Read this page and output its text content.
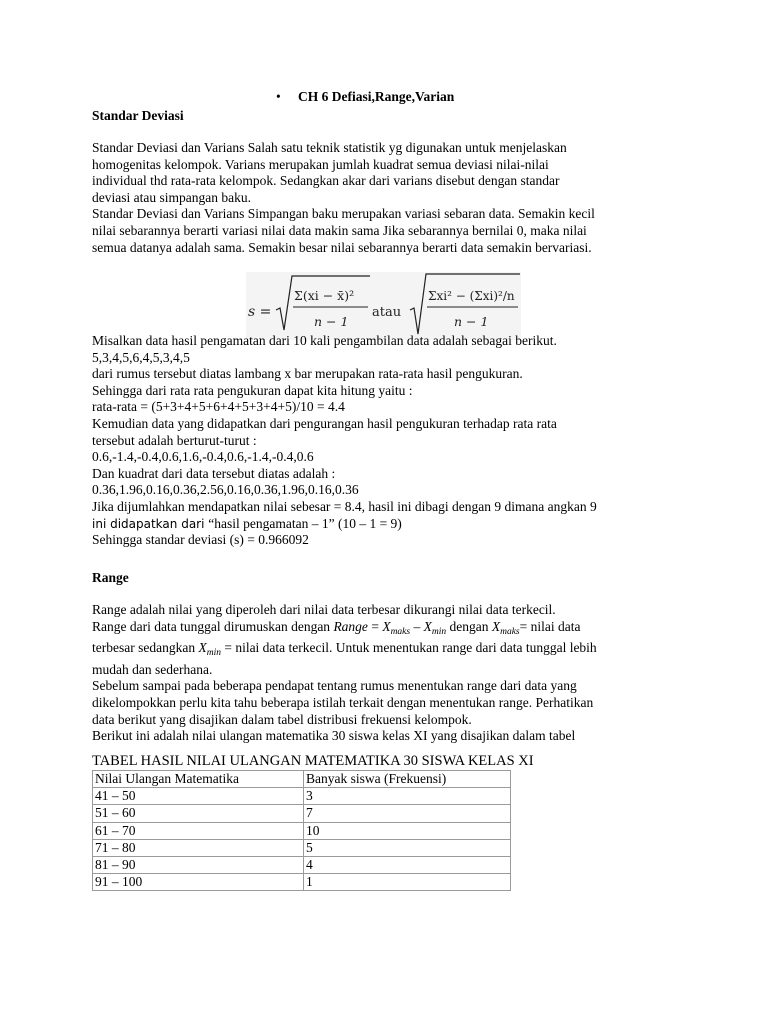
• CH 6 Defiasi,Range,Varian
Standar Deviasi
Standar Deviasi dan Varians Salah satu teknik statistik yg digunakan untuk menjelaskan
homogenitas kelompok. Varians merupakan jumlah kuadrat semua deviasi nilai-nilai
individual thd rata-rata kelompok. Sedangkan akar dari varians disebut dengan standar
deviasi atau simpangan baku.
Standar Deviasi dan Varians Simpangan baku merupakan variasi sebaran data. Semakin kecil
nilai sebarannya berarti variasi nilai data makin sama Jika sebarannya bernilai 0, maka nilai
semua datanya adalah sama. Semakin besar nilai sebarannya berarti data semakin bervariasi.
s =
Σ(xi − x̄)²
n − 1
atau
Σxi² − (Σxi)²/n
n − 1
Misalkan data hasil pengamatan dari 10 kali pengambilan data adalah sebagai berikut.
5,3,4,5,6,4,5,3,4,5
dari rumus tersebut diatas lambang x bar merupakan rata-rata hasil pengukuran.
Sehingga dari rata rata pengukuran dapat kita hitung yaitu :
rata-rata = (5+3+4+5+6+4+5+3+4+5)/10 = 4.4
Kemudian data yang didapatkan dari pengurangan hasil pengukuran terhadap rata rata
tersebut adalah berturut-turut :
0.6,-1.4,-0.4,0.6,1.6,-0.4,0.6,-1.4,-0.4,0.6
Dan kuadrat dari data tersebut diatas adalah :
0.36,1.96,0.16,0.36,2.56,0.16,0.36,1.96,0.16,0.36
Jika dijumlahkan mendapatkan nilai sebesar = 8.4, hasil ini dibagi dengan 9 dimana angkan 9
ini didapatkan dari “hasil pengamatan – 1” (10 – 1 = 9)
Sehingga standar deviasi (s) = 0.966092
Range
Range adalah nilai yang diperoleh dari nilai data terbesar dikurangi nilai data terkecil.
Range dari data tunggal dirumuskan dengan Range = $X_{maks} - X_{min}$ dengan $X_{maks}=$ nilai data
terbesar sedangkan $X_{min}$ = nilai data terkecil. Untuk menentukan range dari data tunggal lebih
mudah dan sederhana.
Sebelum sampai pada beberapa pendapat tentang rumus menentukan range dari data yang
dikelompokkan perlu kita tahu beberapa istilah terkait dengan menentukan range. Perhatikan
data berikut yang disajikan dalam tabel distribusi frekuensi kelompok.
Berikut ini adalah nilai ulangan matematika 30 siswa kelas XI yang disajikan dalam tabel
TABEL HASIL NILAI ULANGAN MATEMATIKA 30 SISWA KELAS XI
Nilai Ulangan Matematika	Banyak siswa (Frekuensi)
41 – 50	3
51 – 60	7
61 – 70	10
71 – 80	5
81 – 90	4
91 – 100	1
